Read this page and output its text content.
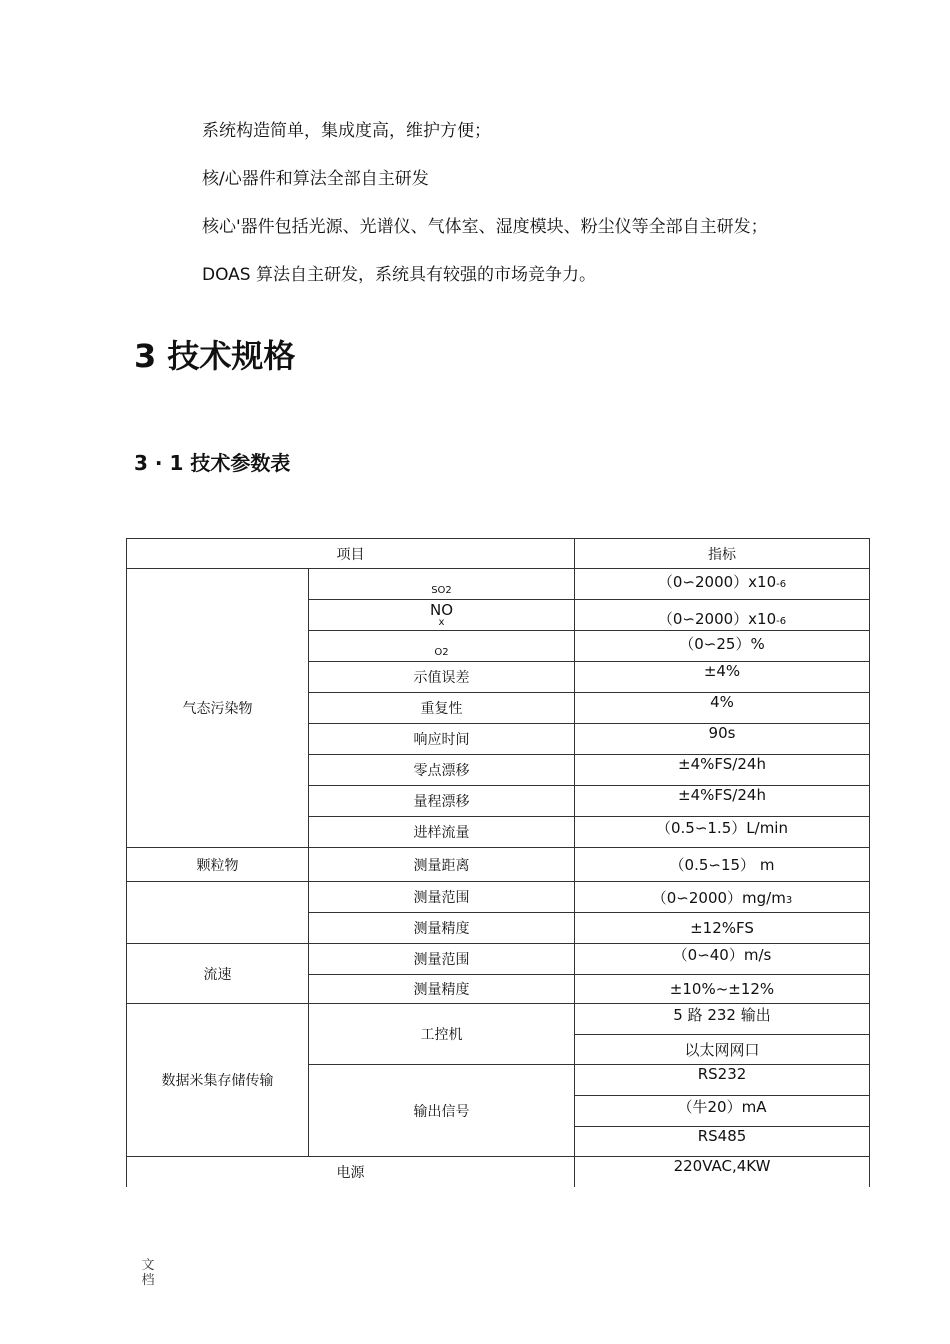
系统构造简单，集成度高，维护方便；
核/心器件和算法全部自主研发
核心'器件包括光源、光谱仪、气体室、湿度模块、粉尘仪等全部自主研发；
DOAS 算法自主研发，系统具有较强的市场竞争力。
3 技术规格
3 · 1 技术参数表
项目		指标
气态污染物	SO2	（0∽2000）x10-6

	NO
x	（0∽2000）x10-6

	O2	（0∽25）%
	示值误差	±4%
	重复性	4%
	响应时间	90s
	零点漂移	±4%FS/24h
	量程漂移	±4%FS/24h
	进样流量	（0.5∽1.5）L/min
颗粒物	测量距离	（0.5∽15） m
	测量范围	（0∽2000）mg/m3
	测量精度	±12%FS
流速	测量范围	（0∽40）m/s
	测量精度	±10%~±12%
数据米集存储传输	工控机	5 路 232 输出
		以太网网口
	输出信号	RS232
		（牛20）mA
		RS485
电源		220VAC,4KW
文
档
